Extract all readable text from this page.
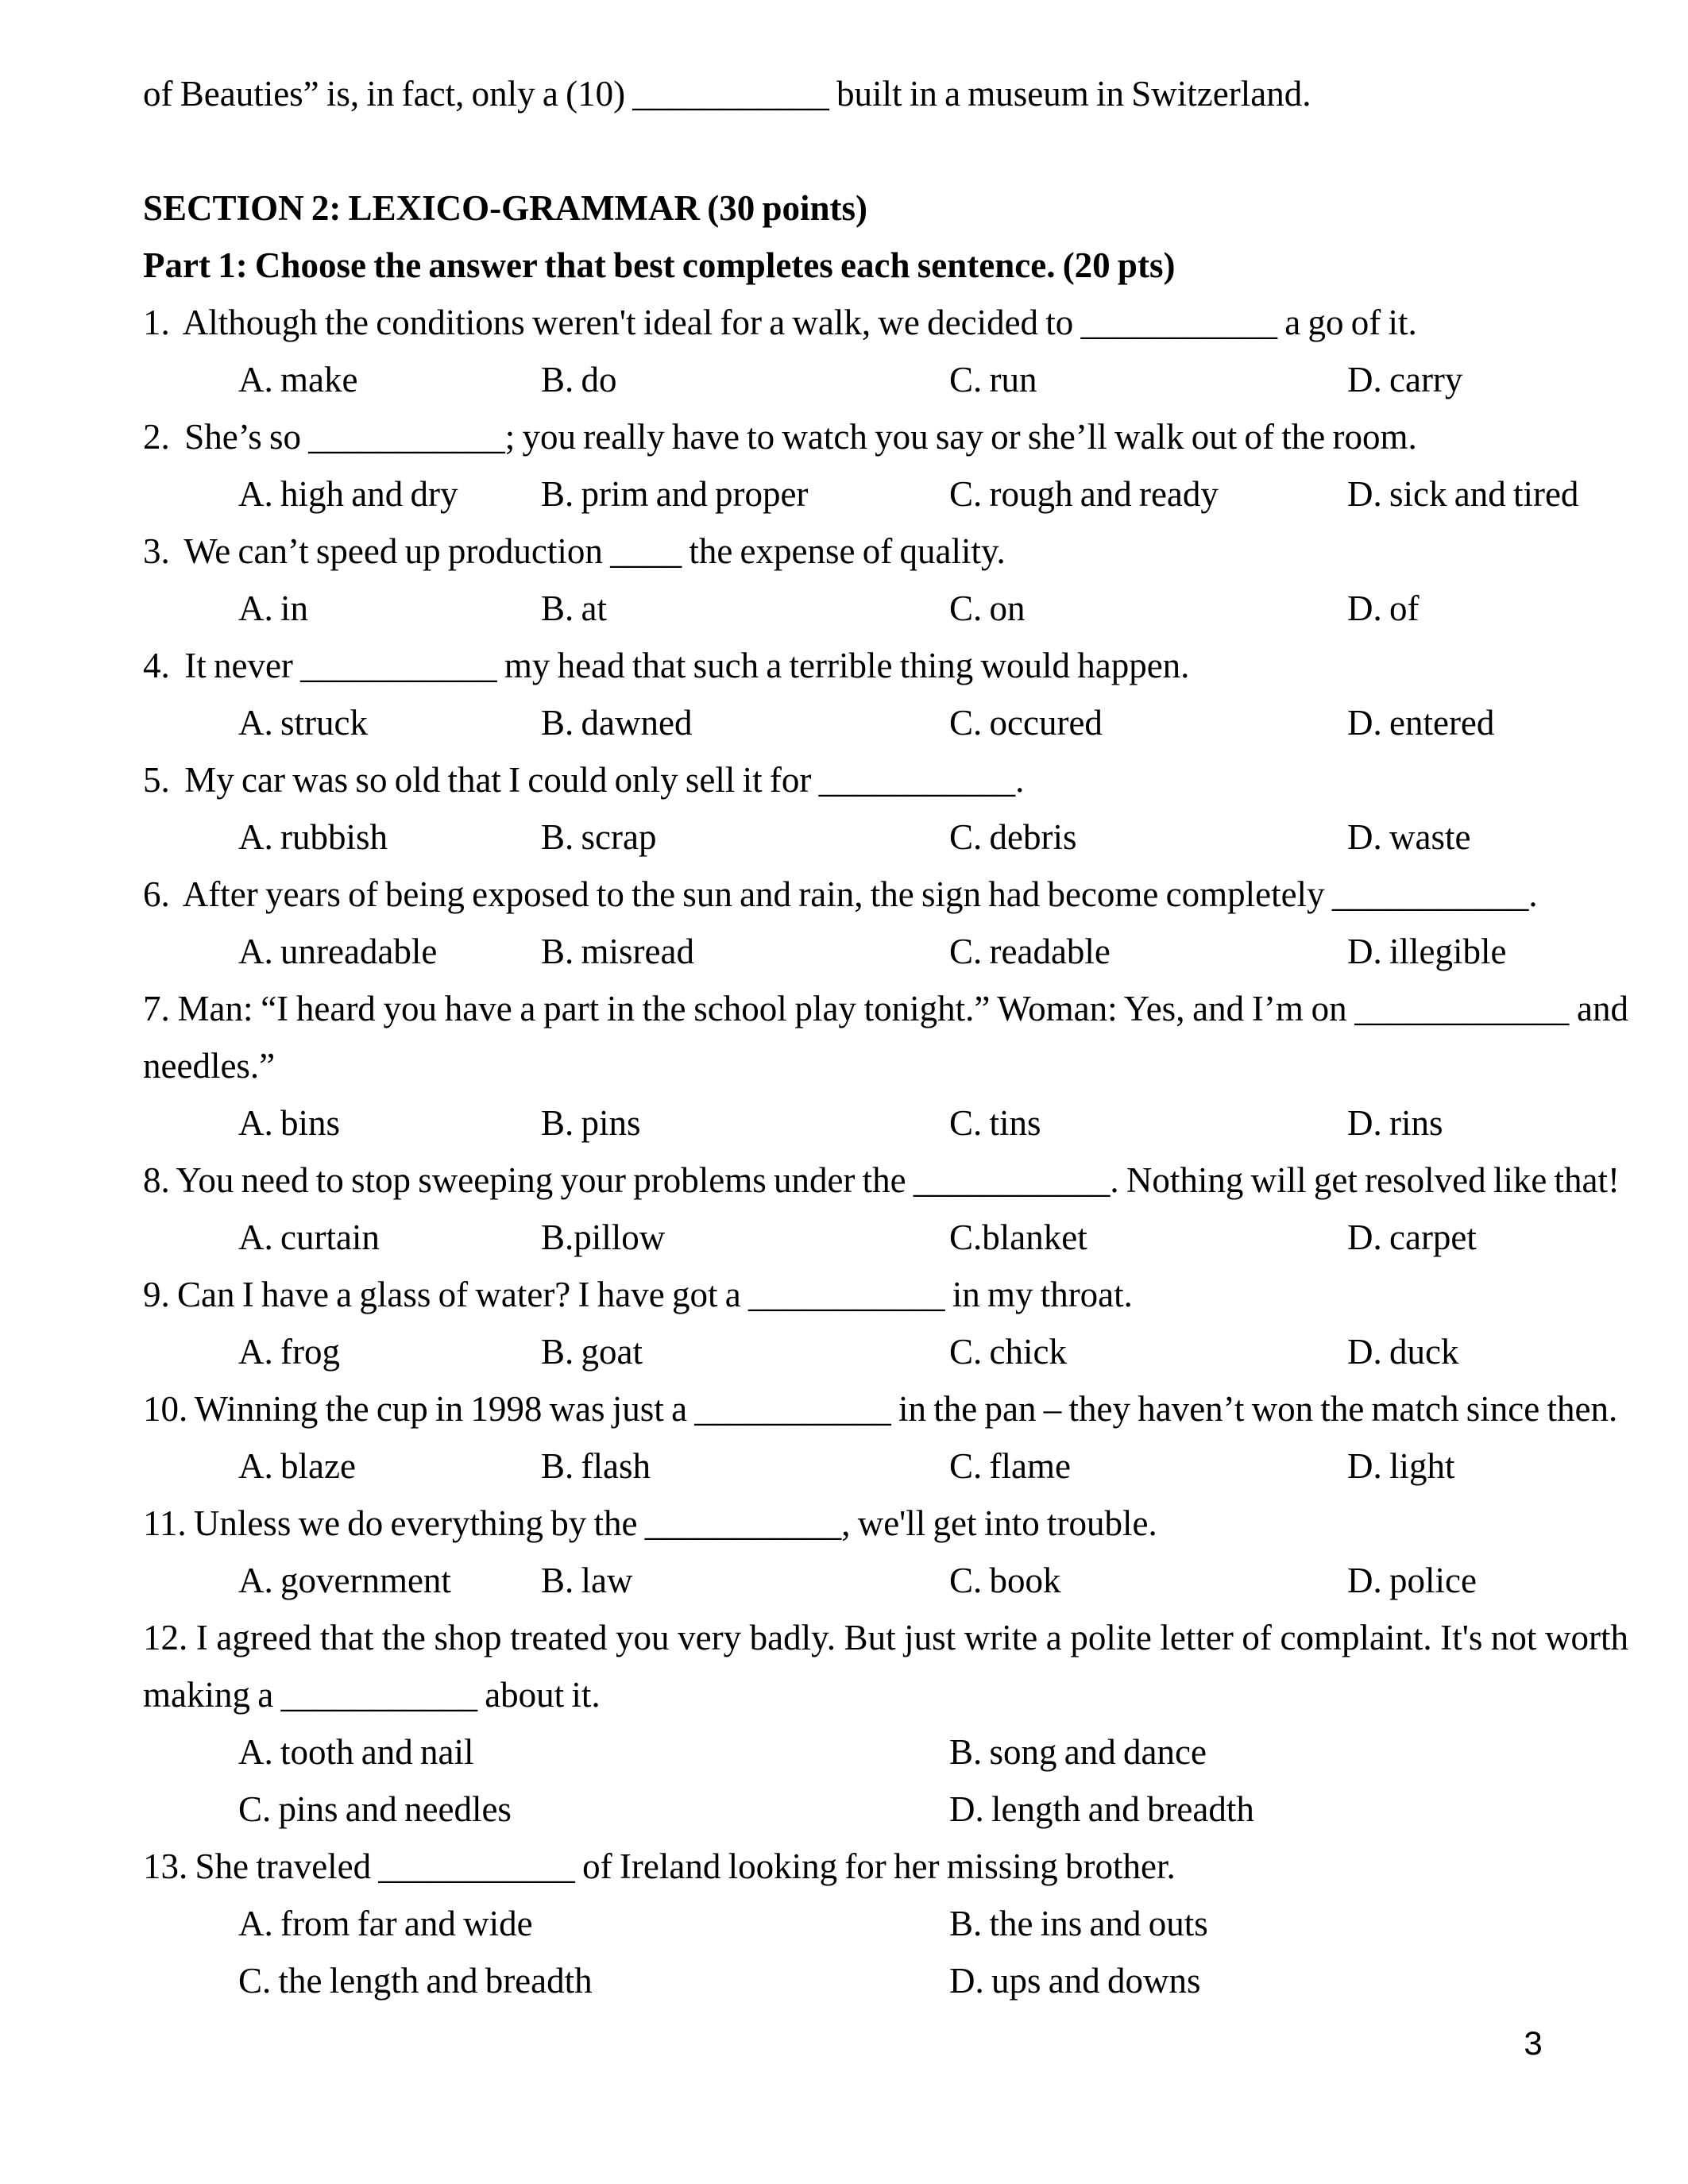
of Beauties” is, in fact, only a (10) ___________ built in a museum in Switzerland.

SECTION 2: LEXICO-GRAMMAR (30 points)

Part 1: Choose the answer that best completes each sentence. (20 pts)

1.  Although the conditions weren't ideal for a walk, we decided to ___________ a go of it.

A. make	B. do	C. run	D. carry

2.  She’s so ___________; you really have to watch you say or she’ll walk out of the room.

A. high and dry	B. prim and proper	C. rough and ready	D. sick and tired

3.  We can’t speed up production ____ the expense of quality.

A. in	B. at	C. on	D. of

4.  It never ___________ my head that such a terrible thing would happen.

A. struck	B. dawned	C. occured	D. entered

5.  My car was so old that I could only sell it for ___________.

A. rubbish	B. scrap	C. debris	D. waste

6.  After years of being exposed to the sun and rain, the sign had become completely ___________.

A. unreadable	B. misread	C. readable	D. illegible

7. Man: “I heard you have a part in the school play tonight.” Woman: Yes, and I’m on ____________ and

needles.”

A. bins	B. pins	C. tins	D. rins

8. You need to stop sweeping your problems under the ___________. Nothing will get resolved like that!

A. curtain	B.pillow	C.blanket	D. carpet

9. Can I have a glass of water? I have got a ___________ in my throat.

A. frog	B. goat	C. chick	D. duck

10. Winning the cup in 1998 was just a ___________ in the pan – they haven’t won the match since then.

A. blaze	B. flash	C. flame	D. light

11. Unless we do everything by the ___________, we'll get into trouble.

A. government	B. law	C. book	D. police

12. I agreed that the shop treated you very badly. But just write a polite letter of complaint. It's not worth

making a ___________ about it.

A. tooth and nail	B. song and dance
C. pins and needles	D. length and breadth

13. She traveled ___________ of Ireland looking for her missing brother.

A. from far and wide	B. the ins and outs
C. the length and breadth	D. ups and downs
3
